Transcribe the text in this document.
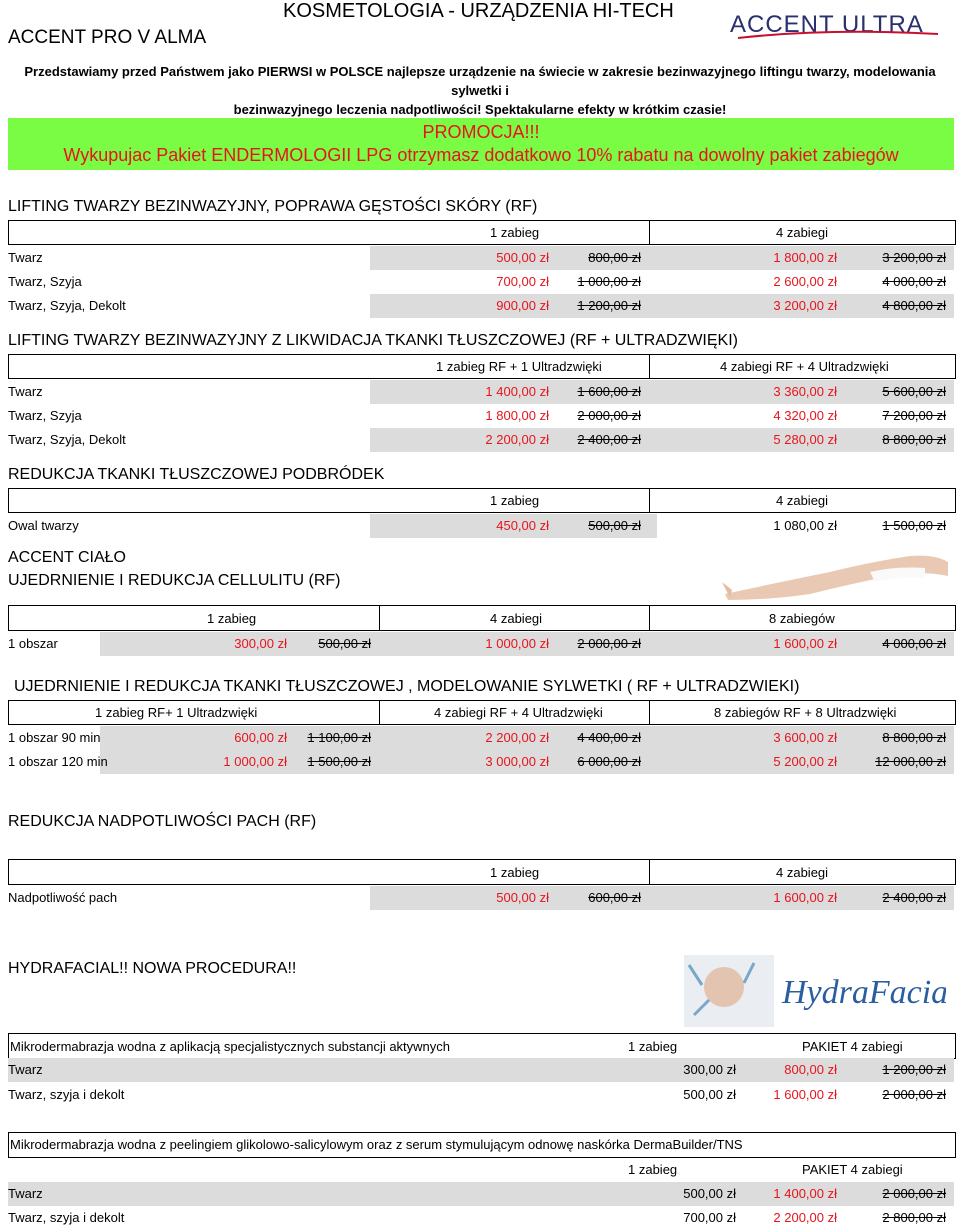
ACCENT PRO V ALMA
KOSMETOLOGIA - URZĄDZENIA HI-TECH ACCENT ULTRA
Przedstawiamy przed Państwem jako PIERWSI w POLSCE najlepsze urządzenie na świecie w zakresie bezinwazyjnego liftingu twarzy, modelowania sylwetki i
bezinwazyjnego leczenia nadpotliwości! Spektakularne efekty w krótkim czasie!
PROMOCJA!!!
Wykupujac Pakiet ENDERMOLOGII LPG otrzymasz dodatkowo 10% rabatu na dowolny pakiet zabiegów
LIFTING TWARZY BEZINWAZYJNY, POPRAWA GĘSTOŚCI SKÓRY (RF)
1 zabieg	4 zabiegi
Twarz	500,00 zł	800,00 zł	1 800,00 zł	3 200,00 zł
Twarz, Szyja	700,00 zł 1 000,00 zł	2 600,00 zł	4 000,00 zł
Twarz, Szyja, Dekolt	900,00 zł 1 200,00 zł	3 200,00 zł	4 800,00 zł
LIFTING TWARZY BEZINWAZYJNY Z LIKWIDACJA TKANKI TŁUSZCZOWEJ (RF + ULTRADZWIĘKI)
1 zabieg RF + 1 Ultradzwięki	4 zabiegi RF + 4 Ultradzwięki
Twarz	1 400,00 zł 1 600,00 zł	3 360,00 zł	5 600,00 zł
Twarz, Szyja	1 800,00 zł 2 000,00 zł	4 320,00 zł	7 200,00 zł
Twarz, Szyja, Dekolt	2 200,00 zł 2 400,00 zł	5 280,00 zł	8 800,00 zł
REDUKCJA TKANKI TŁUSZCZOWEJ PODBRÓDEK
1 zabieg	4 zabiegi
Owal twarzy	450,00 zł	500,00 zł	1 080,00 zł	1 500,00 zł
ACCENT CIAŁO
UJEDRNIENIE I REDUKCJA CELLULITU (RF)
1 zabieg	4 zabiegi	8 zabiegów
1 obszar	300,00 zł 500,00 zł	1 000,00 zł 2 000,00 zł	1 600,00 zł	4 000,00 zł
UJEDRNIENIE I REDUKCJA TKANKI TŁUSZCZOWEJ , MODELOWANIE SYLWETKI ( RF + ULTRADZWIEKI)
1 zabieg RF+ 1 Ultradzwięki	4 zabiegi RF + 4 Ultradzwięki	8 zabiegów RF + 8 Ultradzwięki
1 obszar 90 min	600,00 zł 1 100,00 zł	2 200,00 zł 4 400,00 zł	3 600,00 zł	8 800,00 zł
1 obszar 120 min	1 000,00 zł 1 500,00 zł	3 000,00 zł 6 000,00 zł	5 200,00 zł	12 000,00 zł
REDUKCJA NADPOTLIWOŚCI PACH (RF)
1 zabieg	4 zabiegi
Nadpotliwość pach	500,00 zł	600,00 zł	1 600,00 zł	2 400,00 zł
HYDRAFACIAL!! NOWA PROCEDURA!!
HydraFacial
Mikrodermabrazja wodna z aplikacją specjalistycznych substancji aktywnych	1 zabieg	PAKIET 4 zabiegi
Twarz	300,00 zł	800,00 zł	1 200,00 zł
Twarz, szyja i dekolt	500,00 zł	1 600,00 zł	2 000,00 zł
Mikrodermabrazja wodna z peelingiem glikolowo-salicylowym oraz z serum stymulującym odnowę naskórka DermaBuilder/TNS
1 zabieg	PAKIET 4 zabiegi
Twarz	500,00 zł	1 400,00 zł	2 000,00 zł
Twarz, szyja i dekolt	700,00 zł	2 200,00 zł	2 800,00 zł
